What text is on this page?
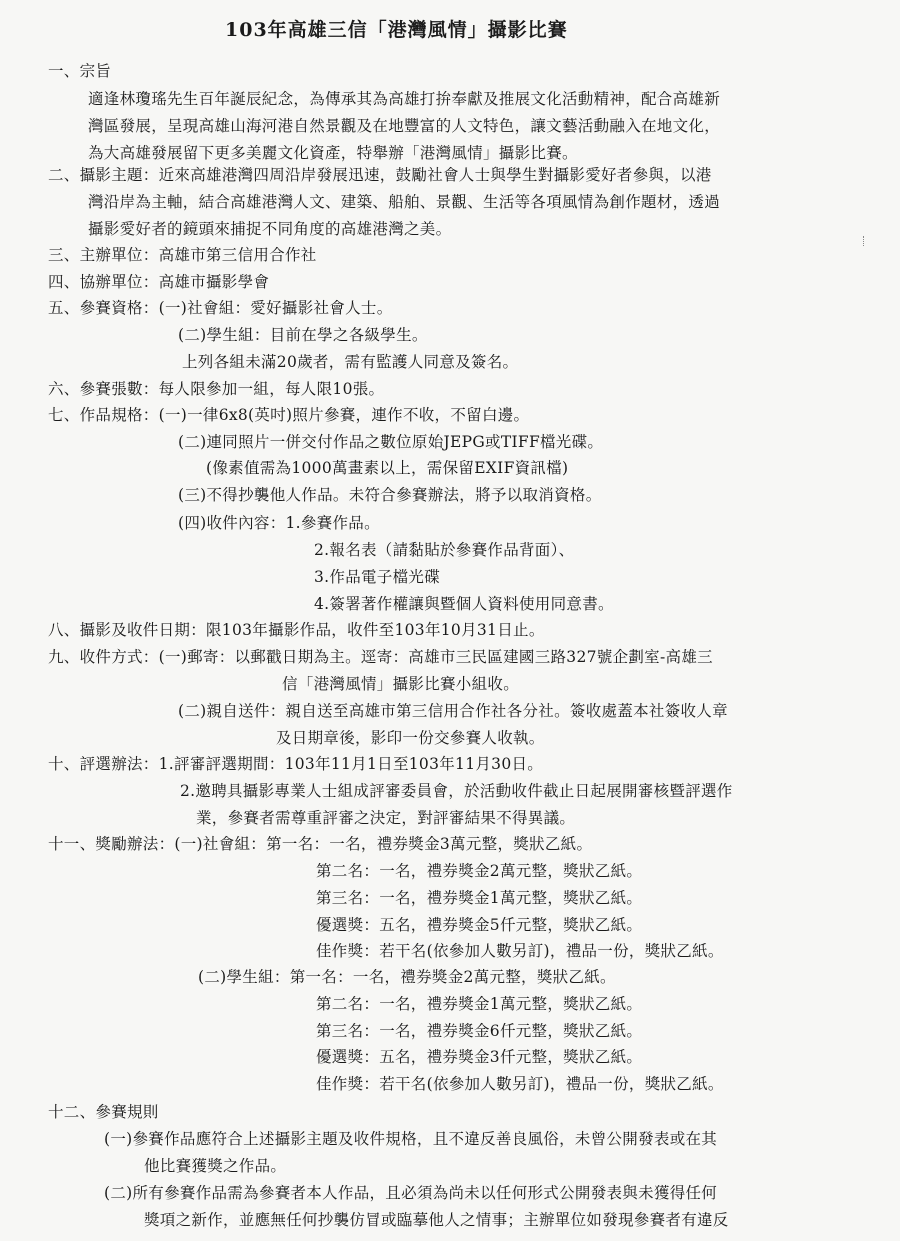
103年高雄三信「港灣風情」攝影比賽
一、宗旨
適逢林瓊瑤先生百年誕辰紀念，為傳承其為高雄打拚奉獻及推展文化活動精神，配合高雄新
灣區發展，呈現高雄山海河港自然景觀及在地豐富的人文特色，讓文藝活動融入在地文化，
為大高雄發展留下更多美麗文化資產，特舉辦「港灣風情」攝影比賽。
二、攝影主題：近來高雄港灣四周沿岸發展迅速，鼓勵社會人士與學生對攝影愛好者參與，以港
灣沿岸為主軸，結合高雄港灣人文、建築、船舶、景觀、生活等各項風情為創作題材，透過
攝影愛好者的鏡頭來捕捉不同角度的高雄港灣之美。
三、主辦單位：高雄市第三信用合作社
四、協辦單位：高雄市攝影學會
五、參賽資格：(一)社會組：愛好攝影社會人士。
(二)學生組：目前在學之各級學生。
上列各組未滿20歲者，需有監護人同意及簽名。
六、參賽張數：每人限參加一組，每人限10張。
七、作品規格：(一)一律6x8(英吋)照片參賽，連作不收，不留白邊。
(二)連同照片一併交付作品之數位原始JEPG或TIFF檔光碟。
(像素值需為1000萬畫素以上，需保留EXIF資訊檔)
(三)不得抄襲他人作品。未符合參賽辦法，將予以取消資格。
(四)收件內容：1.參賽作品。
2.報名表（請黏貼於參賽作品背面）、
3.作品電子檔光碟
4.簽署著作權讓與暨個人資料使用同意書。
八、攝影及收件日期：限103年攝影作品，收件至103年10月31日止。
九、收件方式：(一)郵寄：以郵戳日期為主。逕寄：高雄市三民區建國三路327號企劃室-高雄三
信「港灣風情」攝影比賽小組收。
(二)親自送件：親自送至高雄市第三信用合作社各分社。簽收處蓋本社簽收人章
及日期章後，影印一份交參賽人收執。
十、評選辦法：1.評審評選期間：103年11月1日至103年11月30日。
2.邀聘具攝影專業人士組成評審委員會，於活動收件截止日起展開審核暨評選作
業，參賽者需尊重評審之決定，對評審結果不得異議。
十一、獎勵辦法：(一)社會組：第一名：一名，禮券獎金3萬元整，獎狀乙紙。
第二名：一名，禮券獎金2萬元整，獎狀乙紙。
第三名：一名，禮券獎金1萬元整，獎狀乙紙。
優選獎：五名，禮券獎金5仟元整，獎狀乙紙。
佳作獎：若干名(依參加人數另訂)，禮品一份，獎狀乙紙。
(二)學生組：第一名：一名，禮券獎金2萬元整，獎狀乙紙。
第二名：一名，禮券獎金1萬元整，獎狀乙紙。
第三名：一名，禮券獎金6仟元整，獎狀乙紙。
優選獎：五名，禮券獎金3仟元整，獎狀乙紙。
佳作獎：若干名(依參加人數另訂)，禮品一份，獎狀乙紙。
十二、參賽規則
(一)參賽作品應符合上述攝影主題及收件規格，且不違反善良風俗，未曾公開發表或在其
他比賽獲獎之作品。
(二)所有參賽作品需為參賽者本人作品，且必須為尚未以任何形式公開發表與未獲得任何
獎項之新作，並應無任何抄襲仿冒或臨摹他人之情事；主辦單位如發現參賽者有違反
